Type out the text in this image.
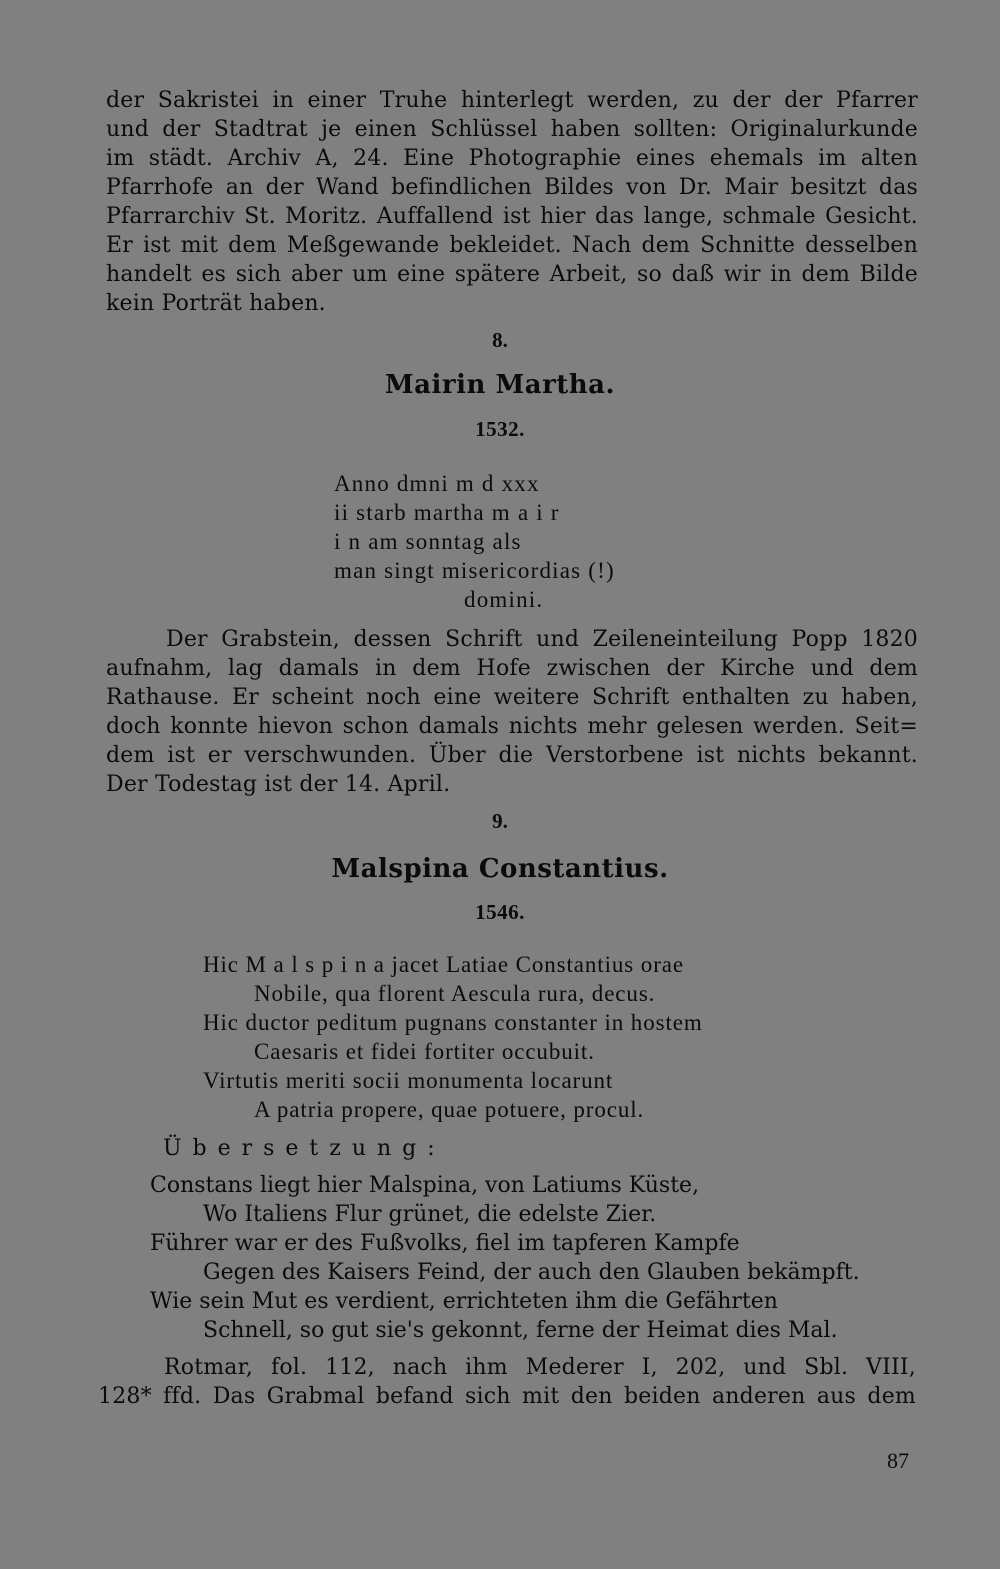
der Sakristei in einer Truhe hinterlegt werden, zu der der Pfarrer
und der Stadtrat je einen Schlüssel haben sollten: Originalurkunde
im städt. Archiv A, 24. Eine Photographie eines ehemals im alten
Pfarrhofe an der Wand befindlichen Bildes von Dr. Mair besitzt das
Pfarrarchiv St. Moritz. Auffallend ist hier das lange, schmale Gesicht.
Er ist mit dem Meßgewande bekleidet. Nach dem Schnitte desselben
handelt es sich aber um eine spätere Arbeit, so daß wir in dem Bilde
kein Porträt haben.
8.
Mairin Martha.
1532.
Anno dmni m d xxx
ii starb martha m a i r
i n am sonntag als
man singt misericordias (!)
domini.
Der Grabstein, dessen Schrift und Zeileneinteilung Popp 1820
aufnahm, lag damals in dem Hofe zwischen der Kirche und dem
Rathause. Er scheint noch eine weitere Schrift enthalten zu haben,
doch konnte hievon schon damals nichts mehr gelesen werden. Seit=
dem ist er verschwunden. Über die Verstorbene ist nichts bekannt.
Der Todestag ist der 14. April.
9.
Malspina Constantius.
1546.
Hic M a l s p i n a jacet Latiae Constantius orae
Nobile, qua florent Aescula rura, decus.
Hic ductor peditum pugnans constanter in hostem
Caesaris et fidei fortiter occubuit.
Virtutis meriti socii monumenta locarunt
A patria propere, quae potuere, procul.
Ü b e r s e t z u n g :
Constans liegt hier Malspina, von Latiums Küste,
Wo Italiens Flur grünet, die edelste Zier.
Führer war er des Fußvolks, fiel im tapferen Kampfe
Gegen des Kaisers Feind, der auch den Glauben bekämpft.
Wie sein Mut es verdient, errichteten ihm die Gefährten
Schnell, so gut sie's gekonnt, ferne der Heimat dies Mal.
Rotmar, fol. 112, nach ihm Mederer I, 202, und Sbl. VIII,
128* ffd. Das Grabmal befand sich mit den beiden anderen aus dem
87
